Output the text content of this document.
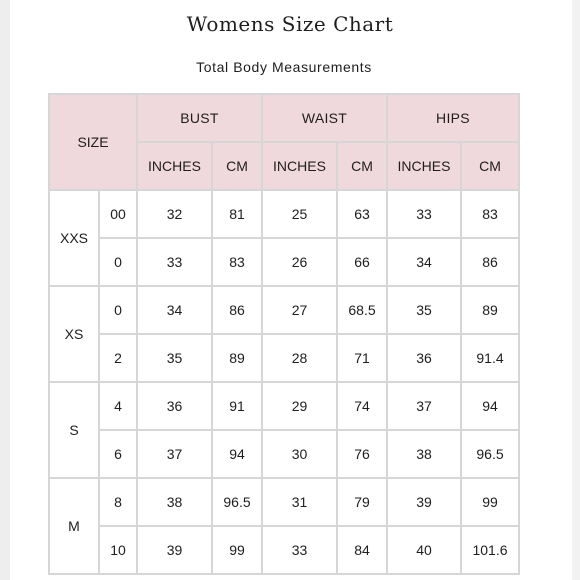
Womens Size Chart
Total Body Measurements
SIZE		BUST		WAIST		HIPS	
		INCHES	CM	INCHES	CM	INCHES	CM
XXS	00	32	81	25	63	33	83
	0	33	83	26	66	34	86
XS	0	34	86	27	68.5	35	89
	2	35	89	28	71	36	91.4
S	4	36	91	29	74	37	94
	6	37	94	30	76	38	96.5
M	8	38	96.5	31	79	39	99
	10	39	99	33	84	40	101.6
